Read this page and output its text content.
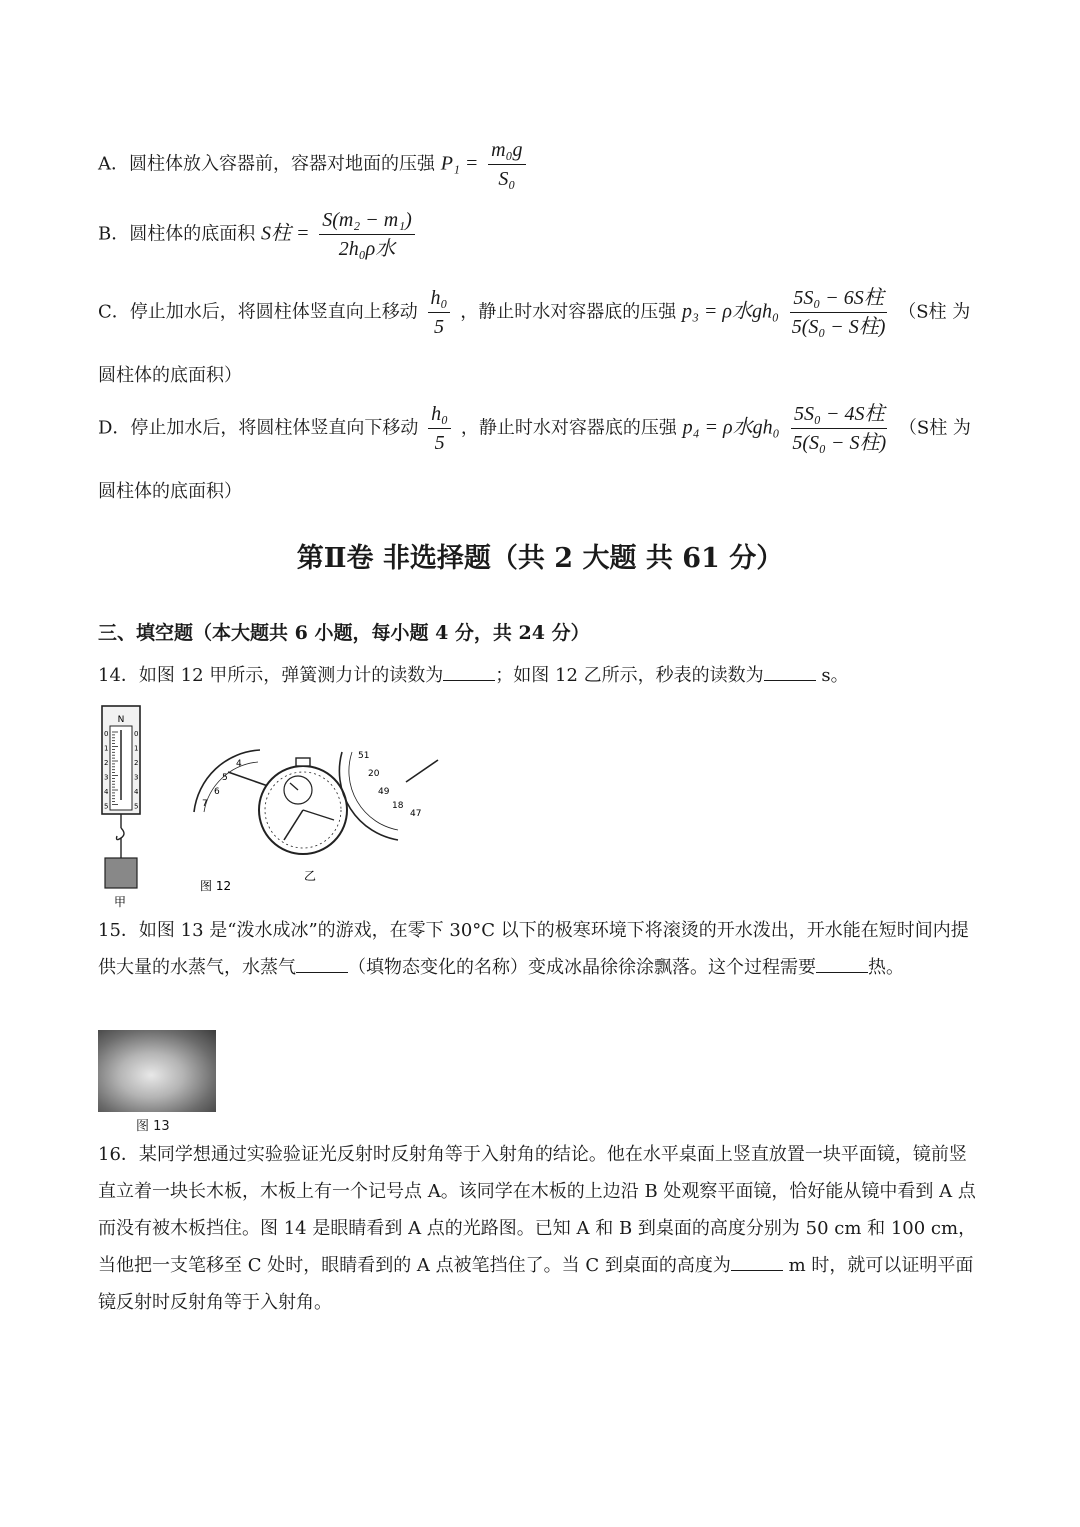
A．圆柱体放入容器前，容器对地面的压强 $P_1 = \frac{\text{m₀g}}{\text{S₀}}$
B．圆柱体的底面积 S柱 = $\frac{\text{S(m₂ − m₁)}}{\text{2h₀ρ水}}$
C．停止加水后，将圆柱体竖直向上移动 $\frac{\text{h₀}}{5}$ ，静止时水对容器底的压强 p₃ = ρ水$gh_0 \frac{\text{5S₀ − 6S柱}}{\text{5(S₀ − S柱)}} (S$柱 为
圆柱体的底面积）
D．停止加水后，将圆柱体竖直向下移动 $\frac{\text{h₀}}{5}$ ，静止时水对容器底的压强 p₄ = ρ水$gh_0 \frac{\text{5S₀ − 4S柱}}{\text{5(S₀ − S柱)}} (S$柱 为
圆柱体的底面积）
第Ⅱ卷 非选择题（共 2 大题 共 61 分）
三、填空题（本大题共 6 小题，每小题 4 分，共 24 分）
14．如图 12 甲所示，弹簧测力计的读数为	；如图 12 乙所示，秒表的读数为	s。
N
0
1
2
3
4
5
0
1
2
3
4
5
甲
4
5
6
7
51
20
49
18
47
乙
图 12
15．如图 13 是“泼水成冰”的游戏，在零下 30°C 以下的极寒环境下将滚烫的开水泼出，开水能在短时间内提供大量的水蒸气，水蒸气	（填物态变化的名称）变成冰晶徐徐涂飘落。这个过程需要	热。
图 13
16．某同学想通过实验验证光反射时反射角等于入射角的结论。他在水平桌面上竖直放置一块平面镜，镜前竖直立着一块长木板，木板上有一个记号点 A。该同学在木板的上边沿 B 处观察平面镜，恰好能从镜中看到 A 点而没有被木板挡住。图 14 是眼睛看到 A 点的光路图。已知 A 和 B 到桌面的高度分别为 50 cm 和 100 cm，当他把一支笔移至 C 处时，眼睛看到的 A 点被笔挡住了。当 C 到桌面的高度为	m 时，就可以证明平面镜反射时反射角等于入射角。
